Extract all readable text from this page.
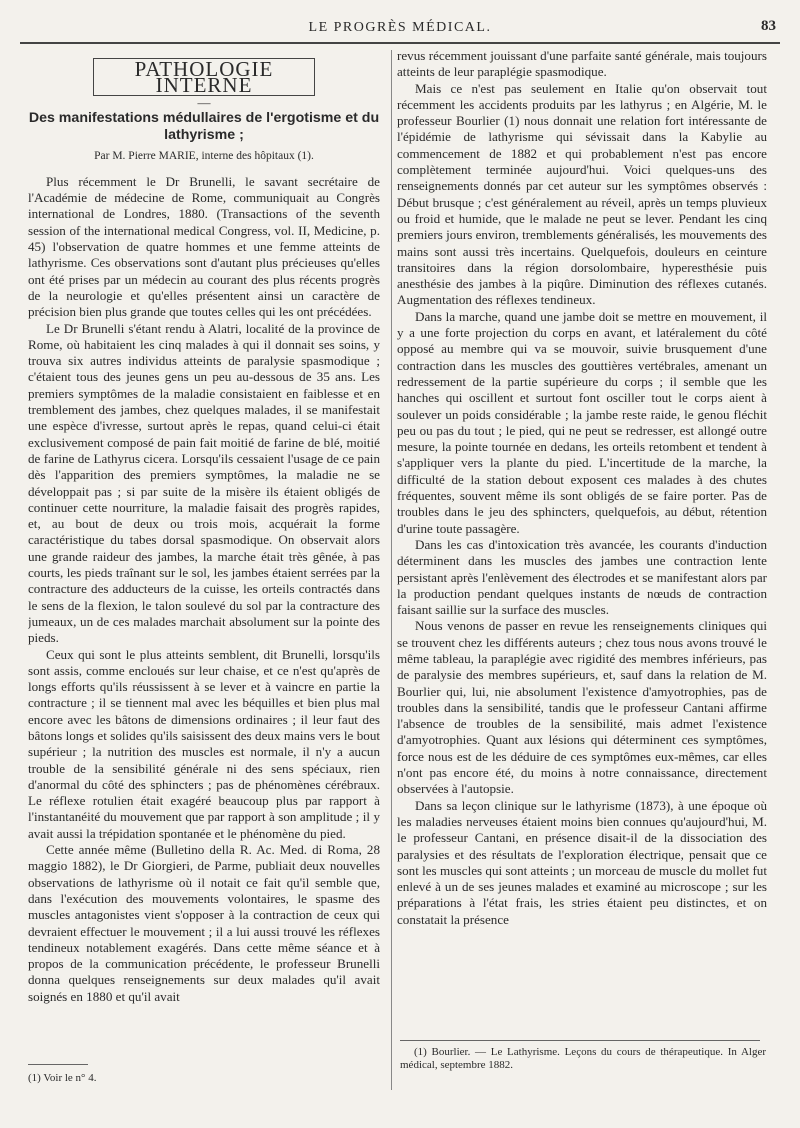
LE PROGRÈS MÉDICAL.	83
PATHOLOGIE INTERNE
—
Des manifestations médullaires de l'ergotisme et du lathyrisme ;
Par M. Pierre MARIE, interne des hôpitaux (1).

Plus récemment le Dr Brunelli, le savant secrétaire de l'Académie de médecine de Rome, communiquait au Congrès international de Londres, 1880. (Transactions of the seventh session of the international medical Congress, vol. II, Medicine, p. 45) l'observation de quatre hommes et une femme atteints de lathyrisme. Ces observations sont d'autant plus précieuses qu'elles ont été prises par un médecin au courant des plus récents progrès de la neurologie et qu'elles présentent ainsi un caractère de précision bien plus grande que toutes celles qui les ont précédées.

Le Dr Brunelli s'étant rendu à Alatri, localité de la province de Rome, où habitaient les cinq malades à qui il donnait ses soins, y trouva six autres individus atteints de paralysie spasmodique ; c'étaient tous des jeunes gens un peu au-dessous de 35 ans. Les premiers symptômes de la maladie consistaient en faiblesse et en tremblement des jambes, chez quelques malades, il se manifestait une espèce d'ivresse, surtout après le repas, quand celui-ci était exclusivement composé de pain fait moitié de farine de blé, moitié de farine de Lathyrus cicera. Lorsqu'ils cessaient l'usage de ce pain dès l'apparition des premiers symptômes, la maladie ne se développait pas ; si par suite de la misère ils étaient obligés de continuer cette nourriture, la maladie faisait des progrès rapides, et, au bout de deux ou trois mois, acquérait la forme caractéristique du tabes dorsal spasmodique. On observait alors une grande raideur des jambes, la marche était très gênée, à pas courts, les pieds traînant sur le sol, les jambes étaient serrées par la contracture des adducteurs de la cuisse, les orteils contractés dans le sens de la flexion, le talon soulevé du sol par la contracture des jumeaux, un de ces malades marchait absolument sur la pointe des pieds.

Ceux qui sont le plus atteints semblent, dit Brunelli, lorsqu'ils sont assis, comme encloués sur leur chaise, et ce n'est qu'après de longs efforts qu'ils réussissent à se lever et à vaincre en partie la contracture ; il se tiennent mal avec les béquilles et bien plus mal encore avec les bâtons de dimensions ordinaires ; il leur faut des bâtons longs et solides qu'ils saisissent des deux mains vers le bout supérieur ; la nutrition des muscles est normale, il n'y a aucun trouble de la sensibilité générale ni des sens spéciaux, rien d'anormal du côté des sphincters ; pas de phénomènes cérébraux. Le réflexe rotulien était exagéré beaucoup plus par rapport à l'instantanéité du mouvement que par rapport à son amplitude ; il y avait aussi la trépidation spontanée et le phénomène du pied.

Cette année même (Bulletino della R. Ac. Med. di Roma, 28 maggio 1882), le Dr Giorgieri, de Parme, publiait deux nouvelles observations de lathyrisme où il notait ce fait qu'il semble que, dans l'exécution des mouvements volontaires, le spasme des muscles antagonistes vient s'opposer à la contraction de ceux qui devraient effectuer le mouvement ; il a lui aussi trouvé les réflexes tendineux notablement exagérés. Dans cette même séance et à propos de la communication précédente, le professeur Brunelli donna quelques renseignements sur deux malades qu'il avait soignés en 1880 et qu'il avait

revus récemment jouissant d'une parfaite santé générale, mais toujours atteints de leur paraplégie spasmodique.

Mais ce n'est pas seulement en Italie qu'on observait tout récemment les accidents produits par les lathyrus ; en Algérie, M. le professeur Bourlier (1) nous donnait une relation fort intéressante de l'épidémie de lathyrisme qui sévissait dans la Kabylie au commencement de 1882 et qui probablement n'est pas encore complètement terminée aujourd'hui. Voici quelques-uns des renseignements donnés par cet auteur sur les symptômes observés : Début brusque ; c'est généralement au réveil, après un temps pluvieux ou froid et humide, que le malade ne peut se lever. Pendant les cinq premiers jours environ, tremblements généralisés, les mouvements des mains sont aussi très incertains. Quelquefois, douleurs en ceinture transitoires dans la région dorsolombaire, hyperesthésie puis anesthésie des jambes à la piqûre. Diminution des réflexes cutanés. Augmentation des réflexes tendineux.

Dans la marche, quand une jambe doit se mettre en mouvement, il y a une forte projection du corps en avant, et latéralement du côté opposé au membre qui va se mouvoir, suivie brusquement d'une contraction dans les muscles des gouttières vertébrales, amenant un redressement de la partie supérieure du corps ; il semble que les hanches qui oscillent et surtout font osciller tout le corps aient à soulever un poids considérable ; la jambe reste raide, le genou fléchit peu ou pas du tout ; le pied, qui ne peut se redresser, est allongé outre mesure, la pointe tournée en dedans, les orteils retombent et tendent à s'appliquer vers la plante du pied. L'incertitude de la marche, la difficulté de la station debout exposent ces malades à des chutes fréquentes, souvent même ils sont obligés de se faire porter. Pas de troubles dans le jeu des sphincters, quelquefois, au début, rétention d'urine toute passagère.

Dans les cas d'intoxication très avancée, les courants d'induction déterminent dans les muscles des jambes une contraction lente persistant après l'enlèvement des électrodes et se manifestant alors par la production pendant quelques instants de nœuds de contraction faisant saillie sur la surface des muscles.

Nous venons de passer en revue les renseignements cliniques qui se trouvent chez les différents auteurs ; chez tous nous avons trouvé le même tableau, la paraplégie avec rigidité des membres inférieurs, pas de paralysie des membres supérieurs, et, sauf dans la relation de M. Bourlier qui, lui, nie absolument l'existence d'amyotrophies, pas de troubles dans la sensibilité, tandis que le professeur Cantani affirme l'absence de troubles de la sensibilité, mais admet l'existence d'amyotrophies. Quant aux lésions qui déterminent ces symptômes, force nous est de les déduire de ces symptômes eux-mêmes, car elles n'ont pas encore été, du moins à notre connaissance, directement observées à l'autopsie.

Dans sa leçon clinique sur le lathyrisme (1873), à une époque où les maladies nerveuses étaient moins bien connues qu'aujourd'hui, M. le professeur Cantani, en présence disait-il de la dissociation des paralysies et des résultats de l'exploration électrique, pensait que ce sont les muscles qui sont atteints ; un morceau de muscle du mollet fut enlevé à un de ses jeunes malades et examiné au microscope ; sur les préparations à l'état frais, les stries étaient peu distinctes, et on constatait la présence

(1) Voir le n° 4.
(1) Bourlier. — Le Lathyrisme. Leçons du cours de thérapeutique. In Alger médical, septembre 1882.
